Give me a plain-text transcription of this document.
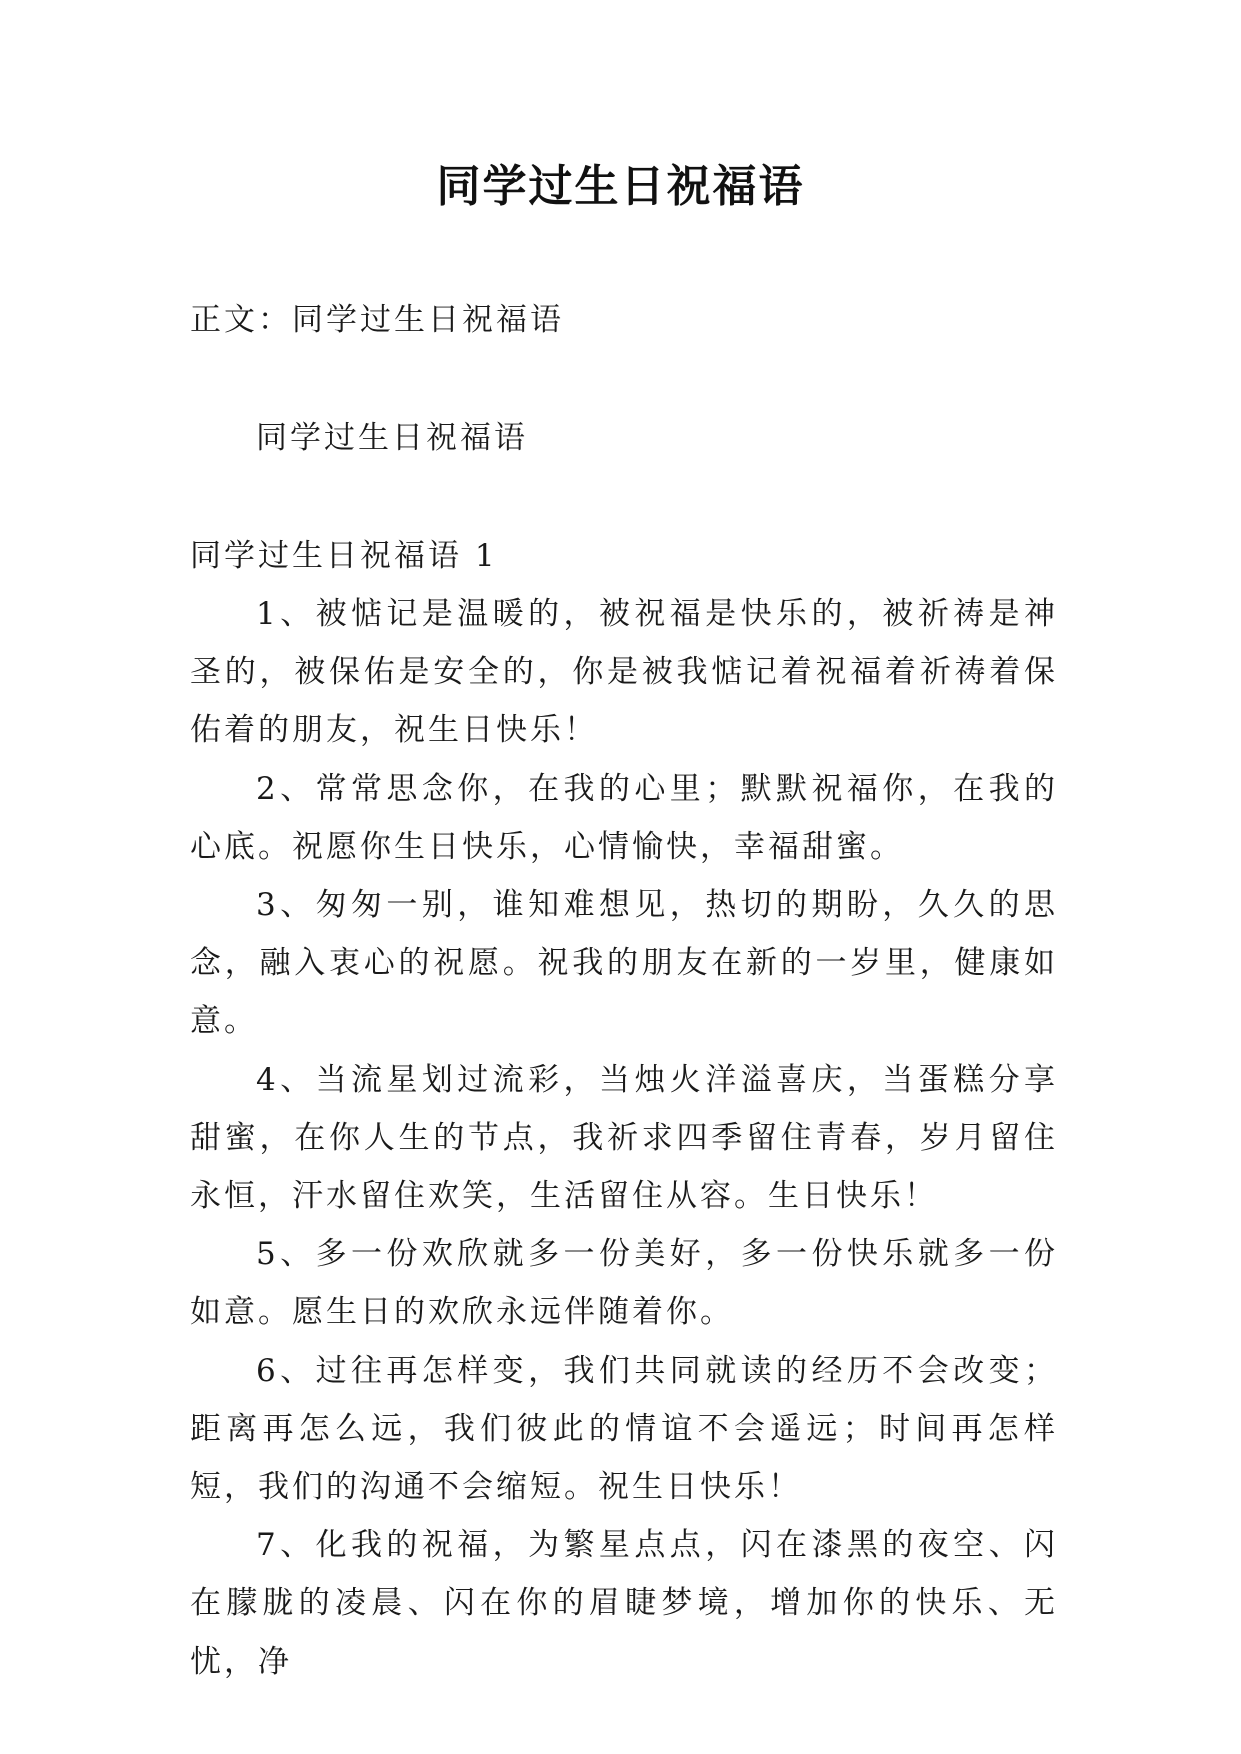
同学过生日祝福语
正文：同学过生日祝福语
同学过生日祝福语
同学过生日祝福语 1

1、被惦记是温暖的，被祝福是快乐的，被祈祷是神圣的，被保佑是安全的，你是被我惦记着祝福着祈祷着保佑着的朋友，祝生日快乐！

2、常常思念你，在我的心里；默默祝福你，在我的心底。祝愿你生日快乐，心情愉快，幸福甜蜜。

3、匆匆一别，谁知难想见，热切的期盼，久久的思念，融入衷心的祝愿。祝我的朋友在新的一岁里，健康如意。

4、当流星划过流彩，当烛火洋溢喜庆，当蛋糕分享甜蜜，在你人生的节点，我祈求四季留住青春，岁月留住永恒，汗水留住欢笑，生活留住从容。生日快乐！

5、多一份欢欣就多一份美好，多一份快乐就多一份如意。愿生日的欢欣永远伴随着你。

6、过往再怎样变，我们共同就读的经历不会改变；距离再怎么远，我们彼此的情谊不会遥远；时间再怎样短，我们的沟通不会缩短。祝生日快乐！

7、化我的祝福，为繁星点点，闪在漆黑的夜空、闪在朦胧的凌晨、闪在你的眉睫梦境，增加你的快乐、无忧，净
